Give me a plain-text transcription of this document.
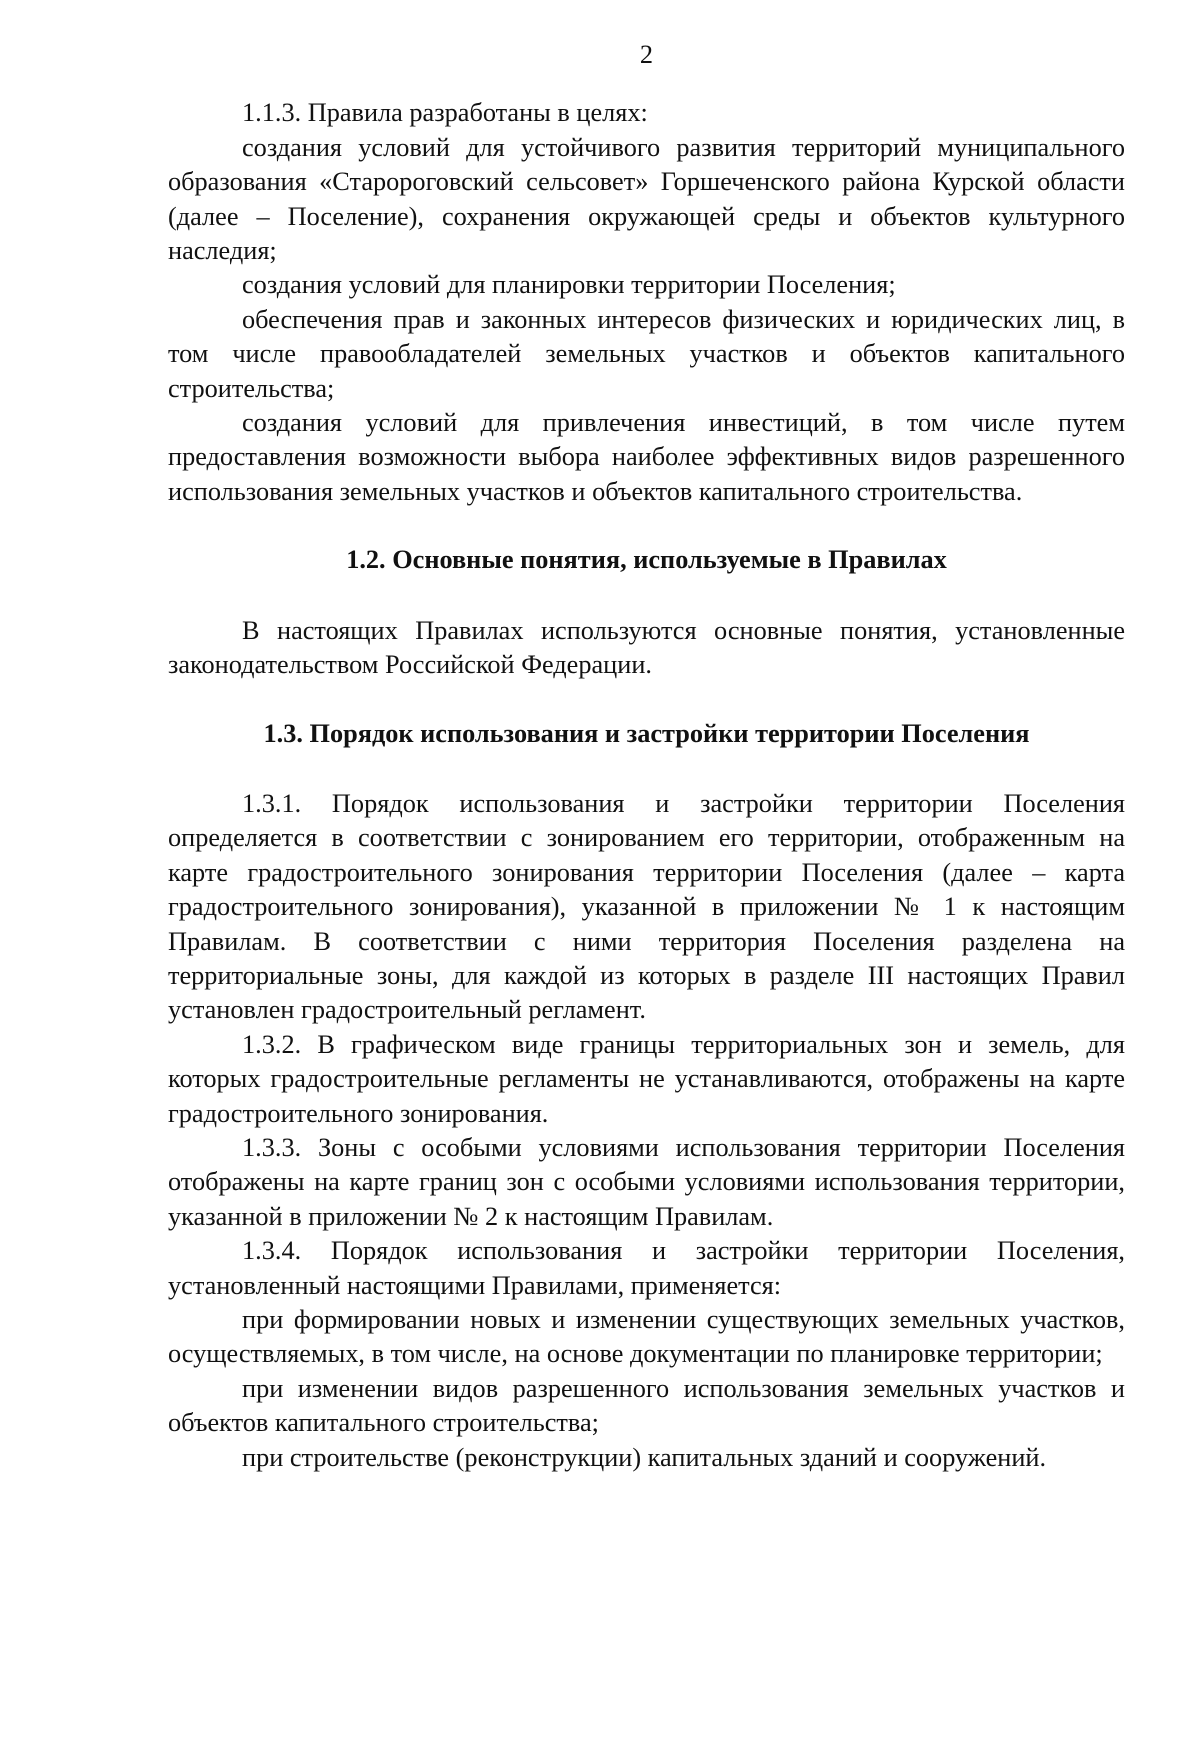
2

1.1.3. Правила разработаны в целях:

создания условий для устойчивого развития территорий муниципального образования «Старороговский сельсовет» Горшеченского района Курской области (далее – Поселение), сохранения окружающей среды и объектов культурного наследия;

создания условий для планировки территории Поселения;

обеспечения прав и законных интересов физических и юридических лиц, в том числе правообладателей земельных участков и объектов капитального строительства;

создания условий для привлечения инвестиций, в том числе путем предоставления возможности выбора наиболее эффективных видов разрешенного использования земельных участков и объектов капитального строительства.

1.2. Основные понятия, используемые в Правилах

В настоящих Правилах используются основные понятия, установленные законодательством Российской Федерации.

1.3. Порядок использования и застройки территории Поселения

1.3.1. Порядок использования и застройки территории Поселения определяется в соответствии с зонированием его территории, отображенным на карте градостроительного зонирования территории Поселения (далее – карта градостроительного зонирования), указанной в приложении № 1 к настоящим Правилам. В соответствии с ними территория Поселения разделена на территориальные зоны, для каждой из которых в разделе III настоящих Правил установлен градостроительный регламент.

1.3.2. В графическом виде границы территориальных зон и земель, для которых градостроительные регламенты не устанавливаются, отображены на карте градостроительного зонирования.

1.3.3. Зоны с особыми условиями использования территории Поселения отображены на карте границ зон с особыми условиями использования территории, указанной в приложении № 2 к настоящим Правилам.

1.3.4. Порядок использования и застройки территории Поселения, установленный настоящими Правилами, применяется:

при формировании новых и изменении существующих земельных участков, осуществляемых, в том числе, на основе документации по планировке территории;

при изменении видов разрешенного использования земельных участков и объектов капитального строительства;

при строительстве (реконструкции) капитальных зданий и сооружений.
